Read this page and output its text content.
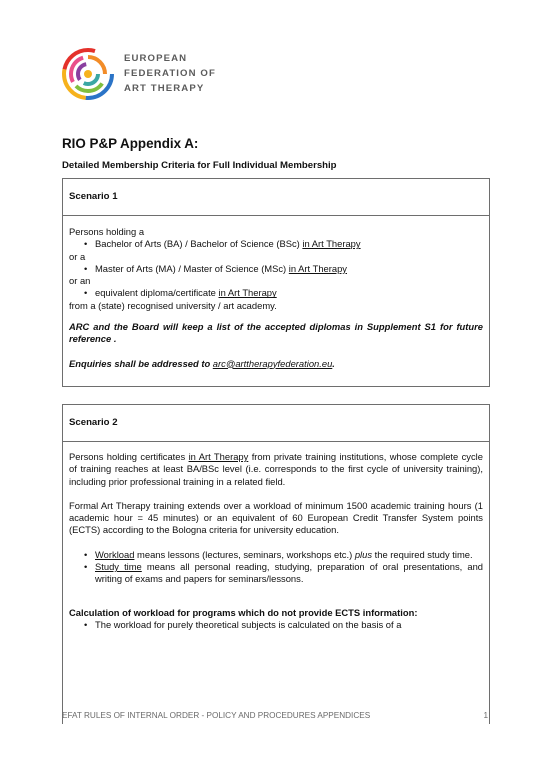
EUROPEAN
FEDERATION OF
ART THERAPY
RIO P&P Appendix A:
Detailed Membership Criteria for Full Individual Membership
Scenario 1

Persons holding a

• Bachelor of Arts (BA) / Bachelor of Science (BSc) in Art Therapy

or a

• Master of Arts (MA) / Master of Science (MSc) in Art Therapy

or an

• equivalent diploma/certificate in Art Therapy

from a (state) recognised university / art academy.

ARC and the Board will keep a list of the accepted diplomas in Supplement S1 for future reference .

Enquiries shall be addressed to arc@arttherapyfederation.eu.

Scenario 2

Persons holding certificates in Art Therapy from private training institutions, whose complete cycle of training reaches at least BA/BSc level (i.e. corresponds to the first cycle of university training), including prior professional training in a related field.

Formal Art Therapy training extends over a workload of minimum 1500 academic training hours (1 academic hour = 45 minutes) or an equivalent of 60 European Credit Transfer System points (ECTS) according to the Bologna criteria for university education.

• Workload means lessons (lectures, seminars, workshops etc.) plus the required study time.

• Study time means all personal reading, studying, preparation of oral presentations, and writing of exams and papers for seminars/lessons.

Calculation of workload for programs which do not provide ECTS information:

• The workload for purely theoretical subjects is calculated on the basis of a

EFAT RULES OF INTERNAL ORDER - POLICY AND PROCEDURES APPENDICES	1
